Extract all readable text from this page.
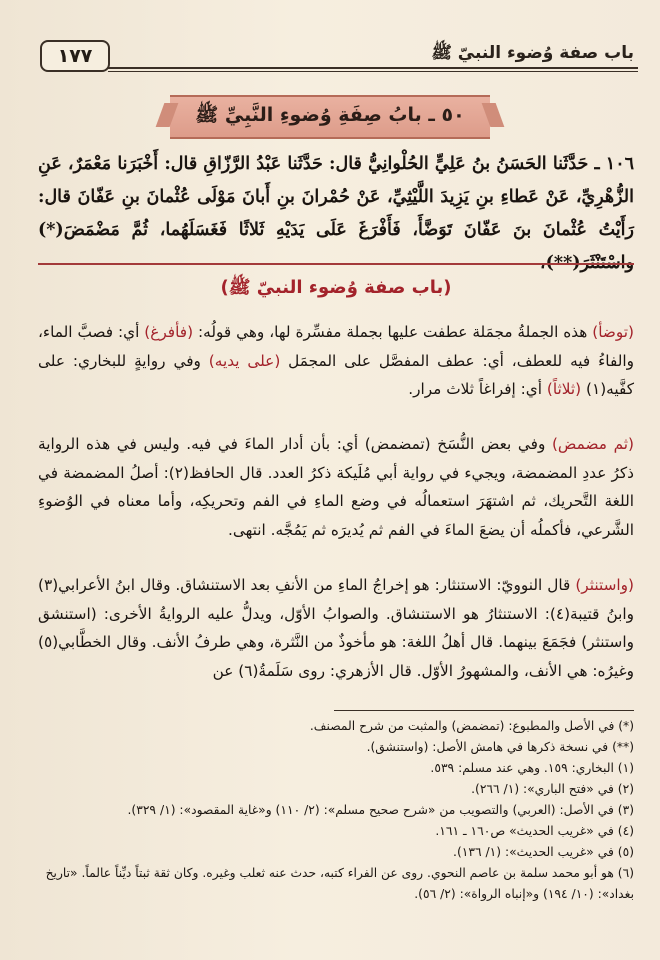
١٧٧	باب صفة وُضوء النبيّ ﷺ
٥٠ ـ بابُ صِفَةِ وُضوءِ النَّبِيِّ ﷺ
١٠٦ ـ حَدَّثَنا الحَسَنُ بنُ عَلِيٍّ الحُلْوانِيُّ قال: حَدَّثَنا عَبْدُ الرَّزّاقِ قال: أَخْبَرَنا مَعْمَرٌ، عَنِ الزُّهْرِيِّ، عَنْ عَطاءِ بنِ يَزِيدَ اللَّيْثِيِّ، عَنْ حُمْرانَ بنِ أَبانَ مَوْلَى عُثْمانَ بنِ عَفّانَ قال: رَأَيْتُ عُثْمانَ بنَ عَفّانَ تَوَضَّأَ، فَأَفْرَغَ عَلَى يَدَيْهِ ثَلاثًا فَغَسَلَهُما، ثُمَّ مَضْمَضَ(*) واسْتَنْثَرَ(**)،
(باب صفة وُضوء النبيّ ﷺ)
(توضأ) هذه الجملةُ مجمَلة عطفت عليها بجملة مفسِّرة لها، وهي قولُه: (فأفرغ) أي: فصبَّ الماء، والفاءُ فيه للعطف، أي: عطف المفصَّل على المجمَل (على يديه) وفي روايةٍ للبخاري: على كفَّيه(١) (ثلاثاً) أي: إفراغاً ثلاث مرار.
(ثم مضمض) وفي بعض النُّسَخ (تمضمض) أي: بأن أدار الماءَ في فيه. وليس في هذه الرواية ذكرُ عددِ المضمضة، ويجيء في رواية أبي مُلَيكة ذكرُ العدد. قال الحافظ(٢): أصلُ المضمضة في اللغة التَّحريك، ثم اشتهَرَ استعمالُه في وضع الماءِ في الفم وتحريكِه، وأما معناه في الوُضوءِ الشَّرعي، فأكملُه أن يضعَ الماءَ في الفم ثم يُديرَه ثم يَمُجَّه. انتهى.
(واستنثر) قال النوويّ: الاستنثار: هو إخراجُ الماءِ من الأنفِ بعد الاستنشاق. وقال ابنُ الأعرابي(٣) وابنُ قتيبة(٤): الاستنثارُ هو الاستنشاق. والصوابُ الأوّل، ويدلُّ عليه الروايةُ الأخرى: (استنشق واستنثر) فجَمَعَ بينهما. قال أهلُ اللغة: هو مأخوذٌ من النَّثرة، وهي طرفُ الأنف. وقال الخطَّابي(٥) وغيرُه: هي الأنف، والمشهورُ الأوّل. قال الأزهري: روى سَلَمةُ(٦) عن
(*) في الأصل والمطبوع: (تمضمض) والمثبت من شرح المصنف.
(**) في نسخة ذكرها في هامش الأصل: (واستنشق).
(١) البخاري: ١٥٩. وهي عند مسلم: ٥٣٩.
(٢) في «فتح الباري»: (١/ ٢٦٦).
(٣) في الأصل: (العربي) والتصويب من «شرح صحيح مسلم»: (٢/ ١١٠) و«غاية المقصود»: (١/ ٣٢٩).
(٤) في «غريب الحديث» ص١٦٠ ـ ١٦١.
(٥) في «غريب الحديث»: (١/ ١٣٦).
(٦) هو أبو محمد سلمة بن عاصم النحوي. روى عن الفراء كتبه، حدث عنه ثعلب وغيره. وكان ثقة ثبتاً ديِّناً عالماً. «تاريخ بغداد»: (١٠/ ١٩٤) و«إنباه الرواة»: (٢/ ٥٦).
